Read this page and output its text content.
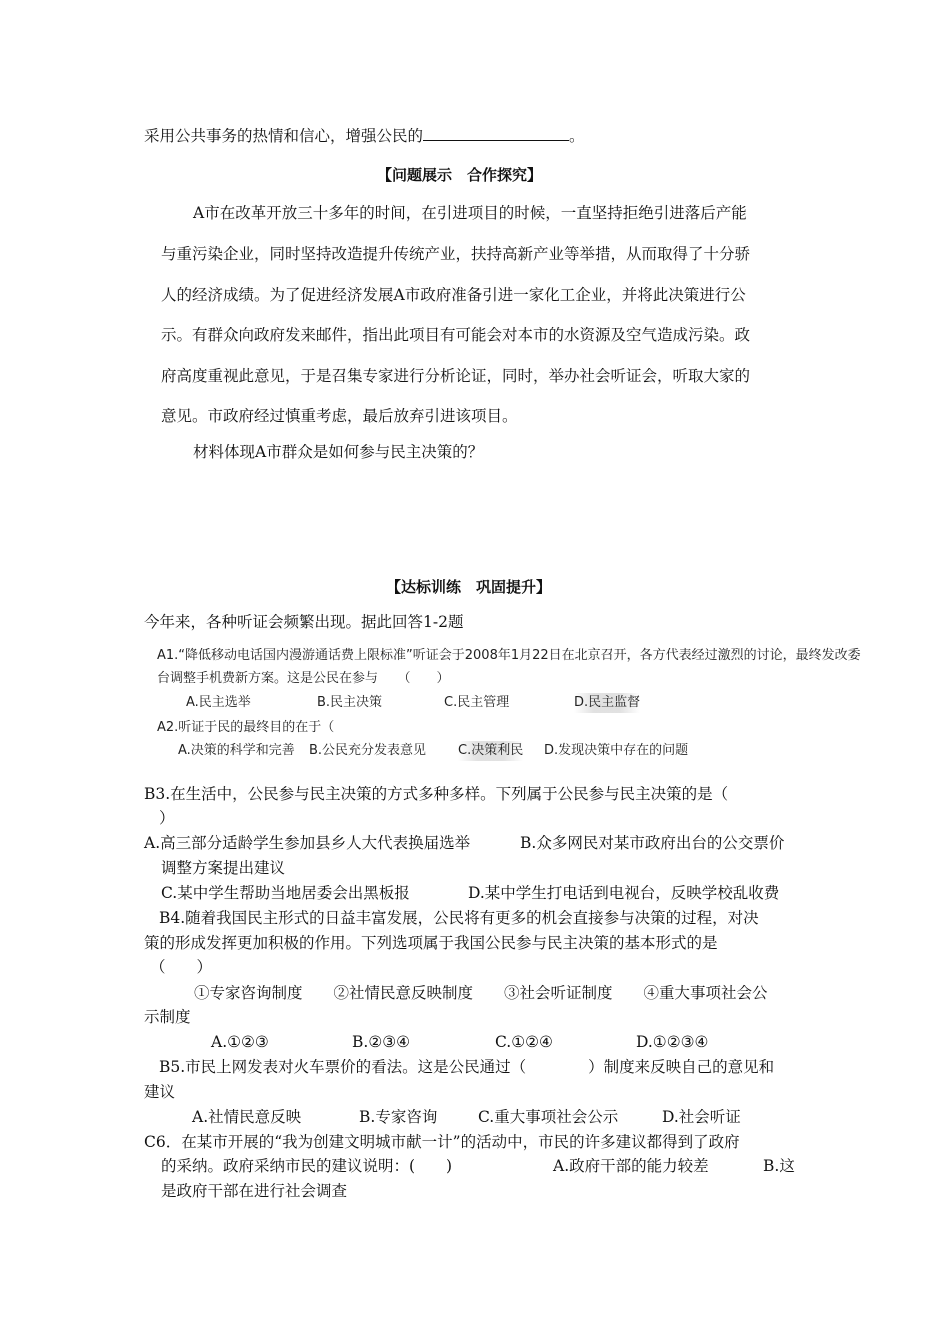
采用公共事务的热情和信心，增强公民的	。
【问题展示　合作探究】
A市在改革开放三十多年的时间，在引进项目的时候，一直坚持拒绝引进落后产能
与重污染企业，同时坚持改造提升传统产业，扶持高新产业等举措，从而取得了十分骄
人的经济成绩。为了促进经济发展A市政府准备引进一家化工企业，并将此决策进行公
示。有群众向政府发来邮件，指出此项目有可能会对本市的水资源及空气造成污染。政
府高度重视此意见，于是召集专家进行分析论证，同时，举办社会听证会，听取大家的
意见。市政府经过慎重考虑，最后放弃引进该项目。
材料体现A市群众是如何参与民主决策的？
【达标训练　巩固提升】
今年来，各种听证会频繁出现。据此回答1-2题
A1.“降低移动电话国内漫游通话费上限标准”听证会于2008年1月22日在北京召开，各方代表经过激烈的讨论，最终发改委
台调整手机费新方案。这是公民在参与　　（　　）
A.民主选举	B.民主决策	C.民主管理	D.民主监督
A2.听证于民的最终目的在于（
A.决策的科学和完善 B.公民充分发表意见 C.决策利民 D.发现决策中存在的问题
B3.在生活中，公民参与民主决策的方式多种多样。下列属于公民参与民主决策的是（
）
A.高三部分适龄学生参加县乡人大代表换届选举	B.众多网民对某市政府出台的公交票价
调整方案提出建议
C.某中学生帮助当地居委会出黑板报	D.某中学生打电话到电视台，反映学校乱收费
B4.随着我国民主形式的日益丰富发展，公民将有更多的机会直接参与决策的过程，对决
策的形成发挥更加积极的作用。下列选项属于我国公民参与民主决策的基本形式的是
（　　）
①专家咨询制度　　②社情民意反映制度　　③社会听证制度　　④重大事项社会公
示制度
A.①②③	B.②③④	C.①②④	D.①②③④
B5.市民上网发表对火车票价的看法。这是公民通过（　　　　）制度来反映自己的意见和
建议
A.社情民意反映	B.专家咨询	C.重大事项社会公示	D.社会听证
C6．在某市开展的“我为创建文明城市献一计”的活动中，市民的许多建议都得到了政府
的采纳。政府采纳市民的建议说明：(　　)	A.政府干部的能力较差	B.这
是政府干部在进行社会调查
